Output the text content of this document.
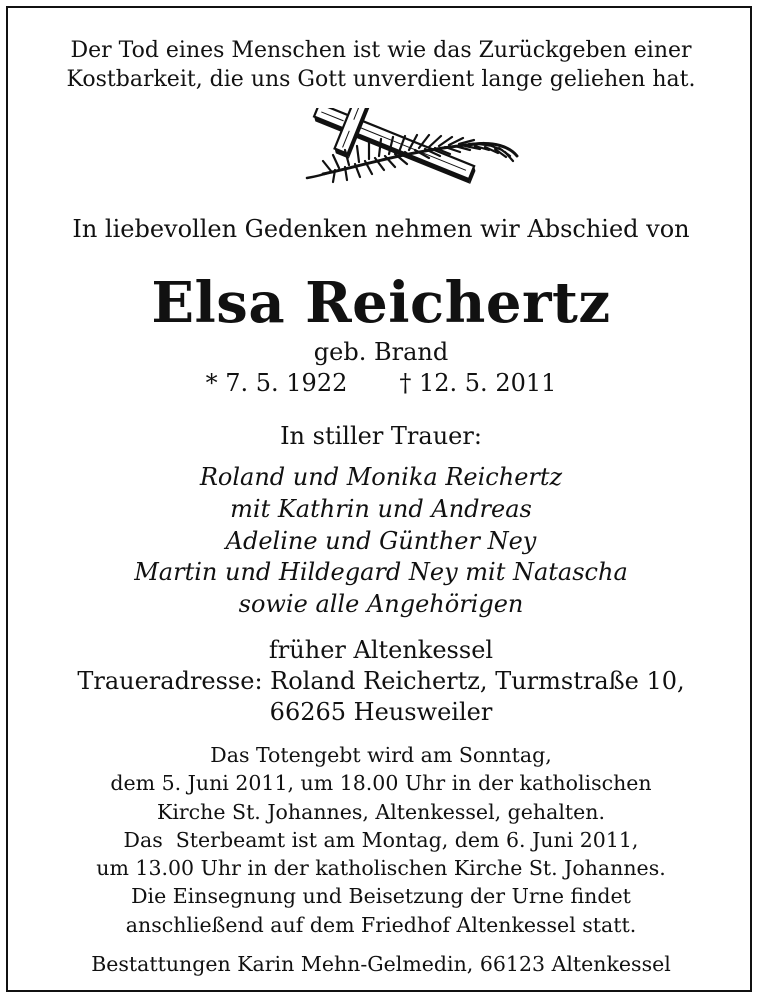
Der Tod eines Menschen ist wie das Zurückgeben einer
Kostbarkeit, die uns Gott unverdient lange geliehen hat.
In liebevollen Gedenken nehmen wir Abschied von
Elsa Reichertz
geb. Brand
* 7. 5. 1922 † 12. 5. 2011
In stiller Trauer:
Roland und Monika Reichertz
mit Kathrin und Andreas
Adeline und Günther Ney
Martin und Hildegard Ney mit Natascha
sowie alle Angehörigen
früher Altenkessel
Traueradresse: Roland Reichertz, Turmstraße 10,
66265 Heusweiler
Das Totengebt wird am Sonntag,
dem 5. Juni 2011, um 18.00 Uhr in der katholischen
Kirche St. Johannes, Altenkessel, gehalten.
Das  Sterbeamt ist am Montag, dem 6. Juni 2011,
um 13.00 Uhr in der katholischen Kirche St. Johannes.
Die Einsegnung und Beisetzung der Urne findet
anschließend auf dem Friedhof Altenkessel statt.
Bestattungen Karin Mehn-Gelmedin, 66123 Altenkessel
